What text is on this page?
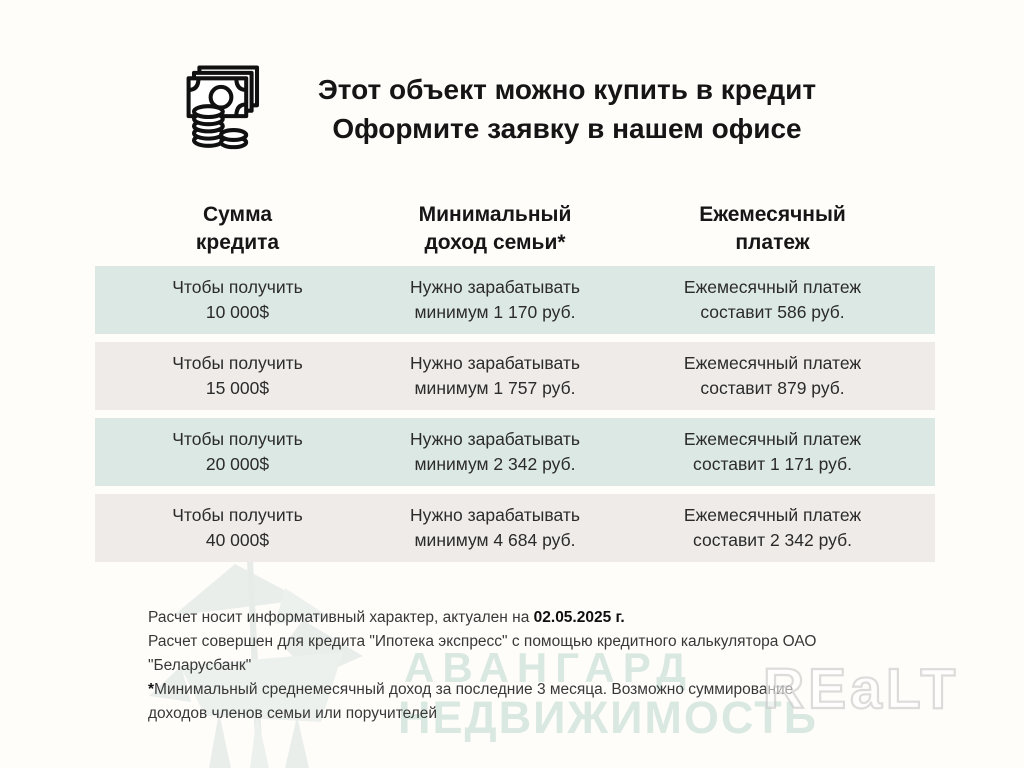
АВАНГАРД
НЕДВИЖИМОСТЬ
REaLT
Этот объект можно купить в кредит
Оформите заявку в нашем офисе
Сумма
кредита
Минимальный
доход семьи*
Ежемесячный
платеж
Чтобы получить
10 000$
Нужно зарабатывать
минимум 1 170 руб.
Ежемесячный платеж
составит 586 руб.
Чтобы получить
15 000$
Нужно зарабатывать
минимум 1 757 руб.
Ежемесячный платеж
составит 879 руб.
Чтобы получить
20 000$
Нужно зарабатывать
минимум 2 342 руб.
Ежемесячный платеж
составит 1 171 руб.
Чтобы получить
40 000$
Нужно зарабатывать
минимум 4 684 руб.
Ежемесячный платеж
составит 2 342 руб.
Расчет носит информативный характер, актуален на 02.05.2025 г.
Расчет совершен для кредита "Ипотека экспресс" с помощью кредитного калькулятора ОАО
"Беларусбанк"
*Минимальный среднемесячный доход за последние 3 месяца. Возможно суммирование
доходов членов семьи или поручителей
